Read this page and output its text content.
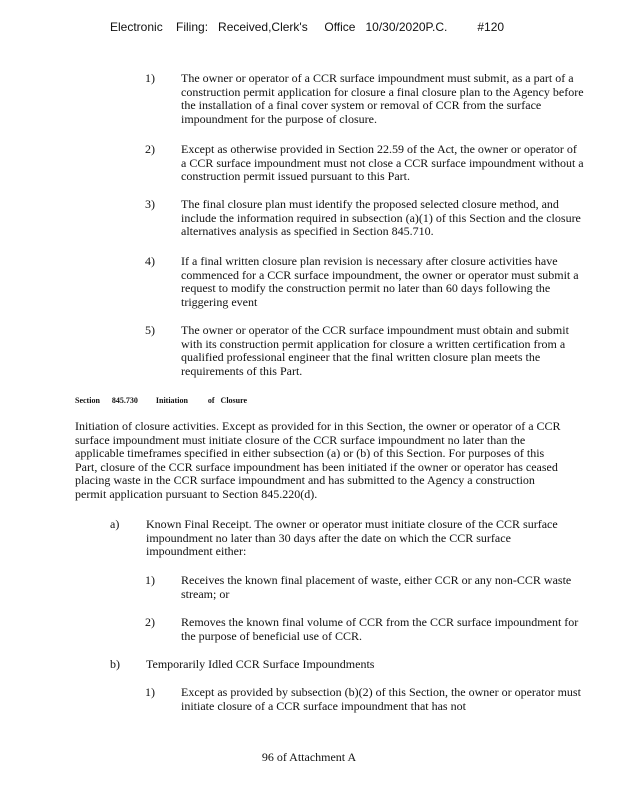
Electronic    Filing:   Received,Clerk's     Office   10/30/2020P.C.         #120
1) The owner or operator of a CCR surface impoundment must submit, as a part of a construction permit application for closure a final closure plan to the Agency before the installation of a final cover system or removal of CCR from the surface impoundment for the purpose of closure.
2) Except as otherwise provided in Section 22.59 of the Act, the owner or operator of a CCR surface impoundment must not close a CCR surface impoundment without a construction permit issued pursuant to this Part.
3) The final closure plan must identify the proposed selected closure method, and include the information required in subsection (a)(1) of this Section and the closure alternatives analysis as specified in Section 845.710.
4) If a final written closure plan revision is necessary after closure activities have commenced for a CCR surface impoundment, the owner or operator must submit a request to modify the construction permit no later than 60 days following the triggering event
5) The owner or operator of the CCR surface impoundment must obtain and submit with its construction permit application for closure a written certification from a qualified professional engineer that the final written closure plan meets the requirements of this Part.
Section      845.730         Initiation          of   Closure
Initiation of closure activities. Except as provided for in this Section, the owner or operator of a CCR surface impoundment must initiate closure of the CCR surface impoundment no later than the applicable timeframes specified in either subsection (a) or (b) of this Section. For purposes of this Part, closure of the CCR surface impoundment has been initiated if the owner or operator has ceased placing waste in the CCR surface impoundment and has submitted to the Agency a construction permit application pursuant to Section 845.220(d).
a) Known Final Receipt. The owner or operator must initiate closure of the CCR surface impoundment no later than 30 days after the date on which the CCR surface impoundment either:
1) Receives the known final placement of waste, either CCR or any non-CCR waste stream; or
2) Removes the known final volume of CCR from the CCR surface impoundment for the purpose of beneficial use of CCR.
b) Temporarily Idled CCR Surface Impoundments
1) Except as provided by subsection (b)(2) of this Section, the owner or operator must initiate closure of a CCR surface impoundment that has not
96 of Attachment A
